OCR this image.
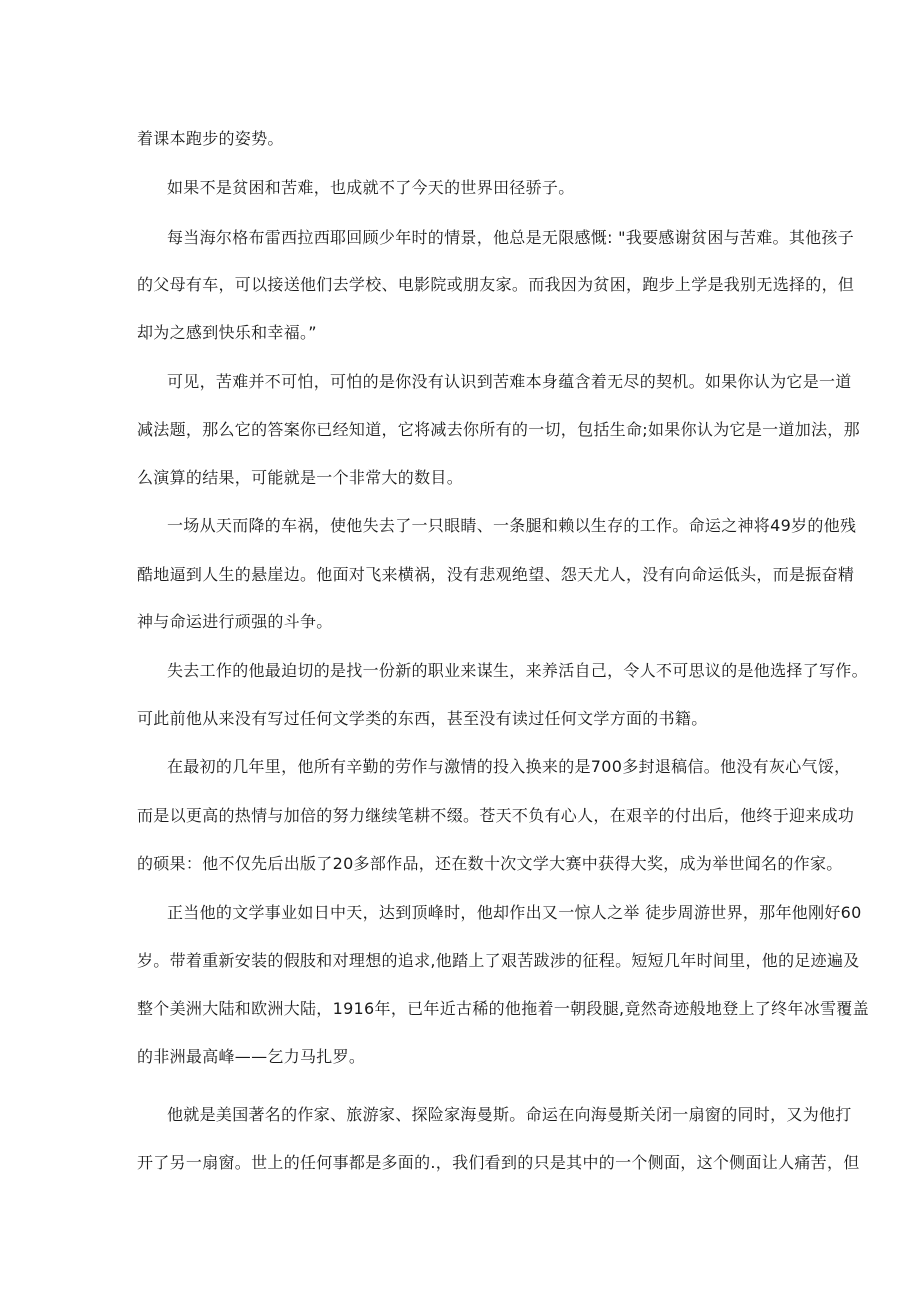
着课本跑步的姿势。
如果不是贫困和苦难，也成就不了今天的世界田径骄子。
每当海尔格布雷西拉西耶回顾少年时的情景，他总是无限感慨: "我要感谢贫困与苦难。其他孩子
的父母有车，可以接送他们去学校、电影院或朋友家。而我因为贫困，跑步上学是我别无选择的，但
却为之感到快乐和幸福。”
可见，苦难并不可怕，可怕的是你没有认识到苦难本身蕴含着无尽的契机。如果你认为它是一道
减法题，那么它的答案你已经知道，它将减去你所有的一切，包括生命;如果你认为它是一道加法，那
么演算的结果，可能就是一个非常大的数目。
一场从天而降的车祸，使他失去了一只眼睛、一条腿和赖以生存的工作。命运之神将49岁的他残
酷地逼到人生的悬崖边。他面对飞来横祸，没有悲观绝望、怨天尤人，没有向命运低头，而是振奋精
神与命运进行顽强的斗争。
失去工作的他最迫切的是找一份新的职业来谋生，来养活自己，令人不可思议的是他选择了写作。
可此前他从来没有写过任何文学类的东西，甚至没有读过任何文学方面的书籍。
在最初的几年里，他所有辛勤的劳作与激情的投入换来的是700多封退稿信。他没有灰心气馁，
而是以更高的热情与加倍的努力继续笔耕不缀。苍天不负有心人，在艰辛的付出后，他终于迎来成功
的硕果：他不仅先后出版了20多部作品，还在数十次文学大赛中获得大奖，成为举世闻名的作家。
正当他的文学事业如日中天，达到顶峰时，他却作出又一惊人之举 徒步周游世界，那年他刚好60
岁。带着重新安装的假肢和对理想的追求,他踏上了艰苦跋涉的征程。短短几年时间里，他的足迹遍及
整个美洲大陆和欧洲大陆，1916年，已年近古稀的他拖着一朝段腿,竟然奇迹般地登上了终年冰雪覆盖
的非洲最高峰——乞力马扎罗。
他就是美国著名的作家、旅游家、探险家海曼斯。命运在向海曼斯关闭一扇窗的同时，又为他打
开了另一扇窗。世上的任何事都是多面的.，我们看到的只是其中的一个侧面，这个侧面让人痛苦，但
